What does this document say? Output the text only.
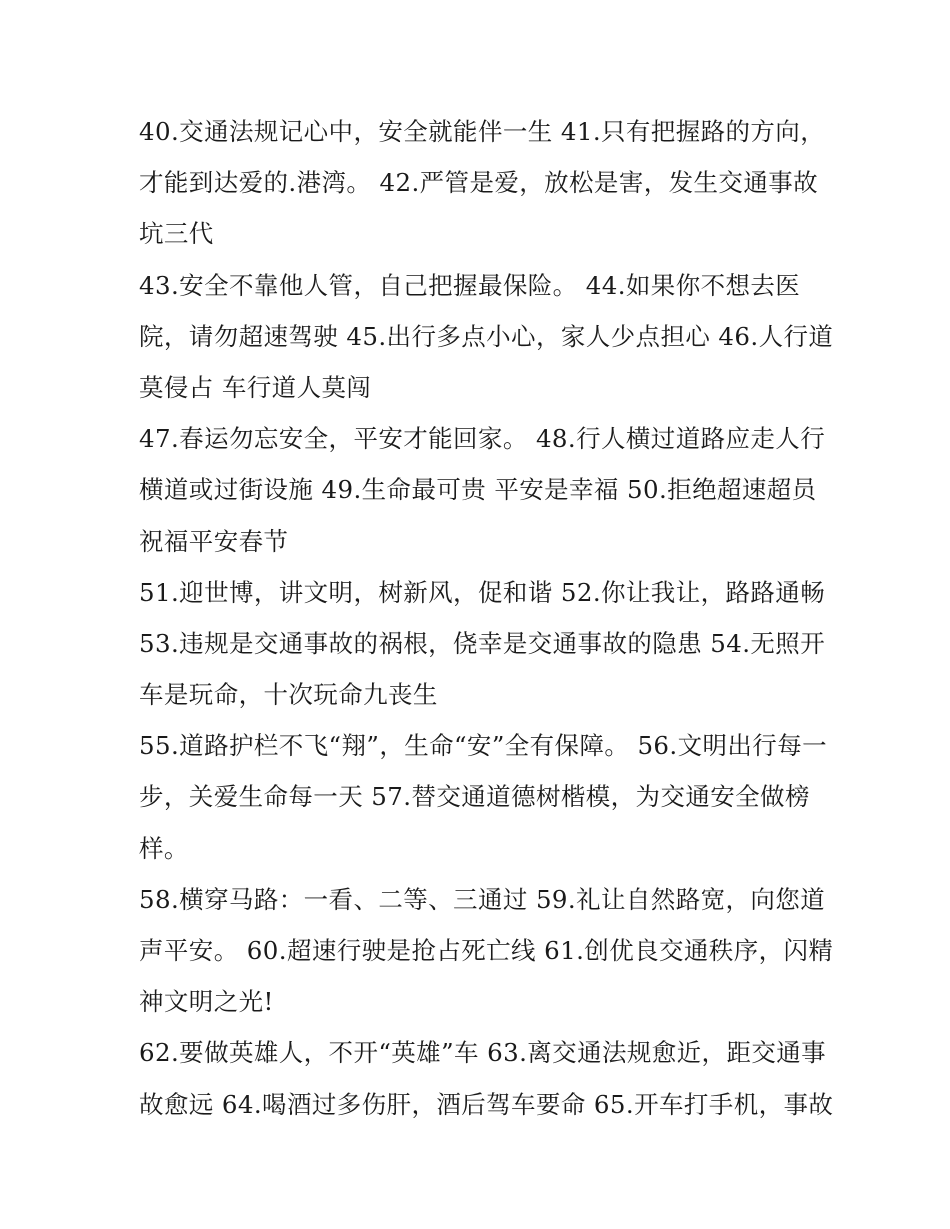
40.交通法规记心中，安全就能伴一生 41.只有把握路的方向，
才能到达爱的.港湾。 42.严管是爱，放松是害，发生交通事故
坑三代
43.安全不靠他人管，自己把握最保险。 44.如果你不想去医
院，请勿超速驾驶 45.出行多点小心，家人少点担心 46.人行道
莫侵占 车行道人莫闯
47.春运勿忘安全，平安才能回家。 48.行人横过道路应走人行
横道或过街设施 49.生命最可贵 平安是幸福 50.拒绝超速超员
祝福平安春节
51.迎世博，讲文明，树新风，促和谐 52.你让我让，路路通畅
53.违规是交通事故的祸根，侥幸是交通事故的隐患 54.无照开
车是玩命，十次玩命九丧生
55.道路护栏不飞“翔”，生命“安”全有保障。 56.文明出行每一
步，关爱生命每一天 57.替交通道德树楷模，为交通安全做榜
样。
58.横穿马路：一看、二等、三通过 59.礼让自然路宽，向您道
声平安。 60.超速行驶是抢占死亡线 61.创优良交通秩序，闪精
神文明之光!
62.要做英雄人，不开“英雄”车 63.离交通法规愈近，距交通事
故愈远 64.喝酒过多伤肝，酒后驾车要命 65.开车打手机，事故
